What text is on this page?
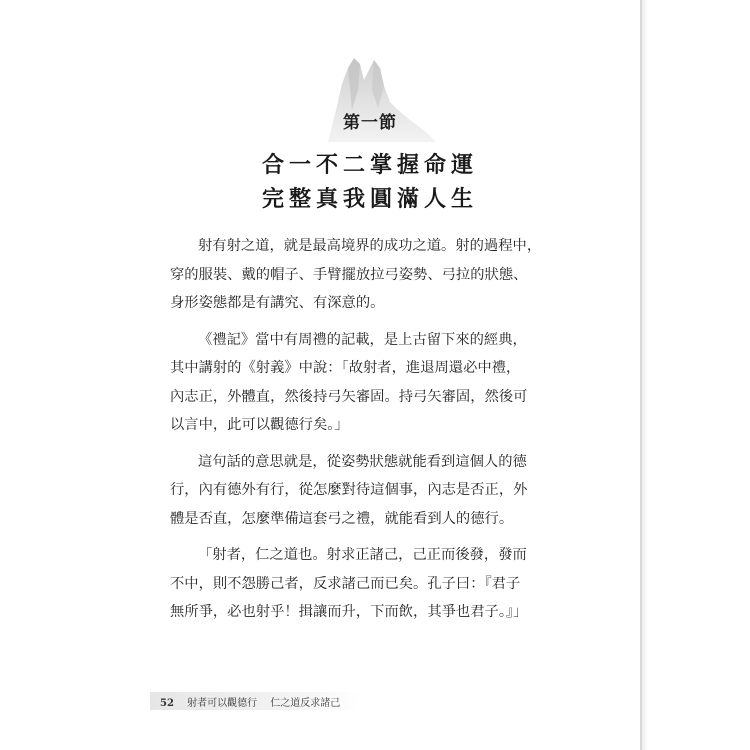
第一節
合一不二掌握命運
完整真我圓滿人生
射有射之道，就是最高境界的成功之道。射的過程中，
穿的服裝、戴的帽子、手臂擺放拉弓姿勢、弓拉的狀態、
身形姿態都是有講究、有深意的。
《禮記》當中有周禮的記載，是上古留下來的經典，
其中講射的《射義》中說：「故射者，進退周還必中禮，
內志正，外體直，然後持弓矢審固。持弓矢審固，然後可
以言中，此可以觀德行矣。」
這句話的意思就是，從姿勢狀態就能看到這個人的德
行，內有德外有行，從怎麼對待這個事，內志是否正，外
體是否直，怎麼準備這套弓之禮，就能看到人的德行。
「射者，仁之道也。射求正諸己，己正而後發，發而
不中，則不怨勝己者，反求諸己而已矣。孔子曰：『君子
無所爭，必也射乎！揖讓而升，下而飲，其爭也君子。』」
52 射者可以觀德行 仁之道反求諸己
